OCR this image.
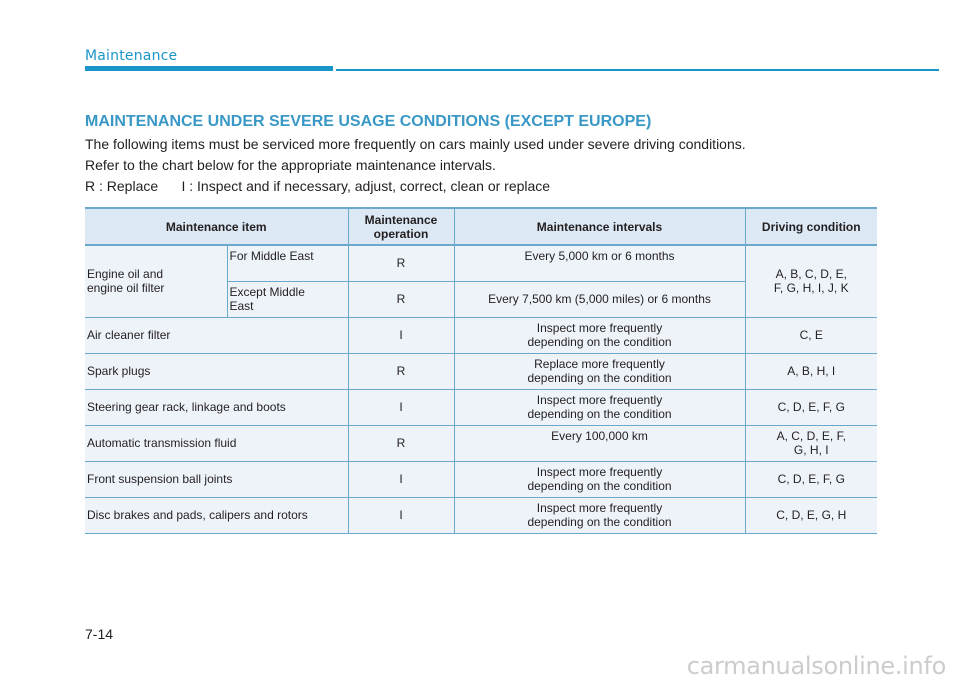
Maintenance
MAINTENANCE UNDER SEVERE USAGE CONDITIONS (EXCEPT EUROPE)
The following items must be serviced more frequently on cars mainly used under severe driving conditions.
Refer to the chart below for the appropriate maintenance intervals.
R : Replace      I : Inspect and if necessary, adjust, correct, clean or replace
Maintenance item		Maintenance
operation	Maintenance intervals	Driving condition
Engine oil and
engine oil filter	For Middle East	R	Every 5,000 km or 6 months	A, B, C, D, E,
F, G, H, I, J, K
	Except Middle
East	R	Every 7,500 km (5,000 miles) or 6 months	
Air cleaner filter		I	Inspect more frequently
depending on the condition	C, E
Spark plugs		R	Replace more frequently
depending on the condition	A, B, H, I
Steering gear rack, linkage and boots		I	Inspect more frequently
depending on the condition	C, D, E, F, G
Automatic transmission fluid		R	Every 100,000 km	A, C, D, E, F,
G, H, I
Front suspension ball joints		I	Inspect more frequently
depending on the condition	C, D, E, F, G
Disc brakes and pads, calipers and rotors		I	Inspect more frequently
depending on the condition	C, D, E, G, H
7-14
carmanualsonline.info
